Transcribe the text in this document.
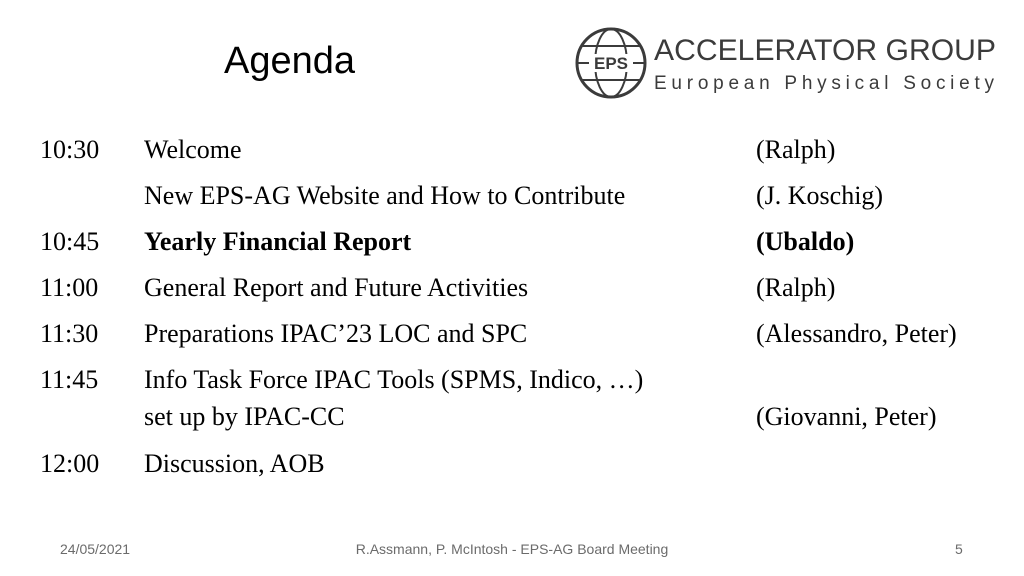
Agenda	EPS ACCELERATOR GROUP
European Physical Society
10:30 Welcome	(Ralph)
New EPS-AG Website and How to Contribute	(J. Koschig)
10:45 Yearly Financial Report	(Ubaldo)
11:00 General Report and Future Activities	(Ralph)
11:30 Preparations IPAC’23 LOC and SPC	(Alessandro, Peter)
11:45 Info Task Force IPAC Tools (SPMS, Indico, …)
set up by IPAC-CC	(Giovanni, Peter)
12:00 Discussion, AOB
24/05/2021	R.Assmann, P. McIntosh - EPS-AG Board Meeting	5
